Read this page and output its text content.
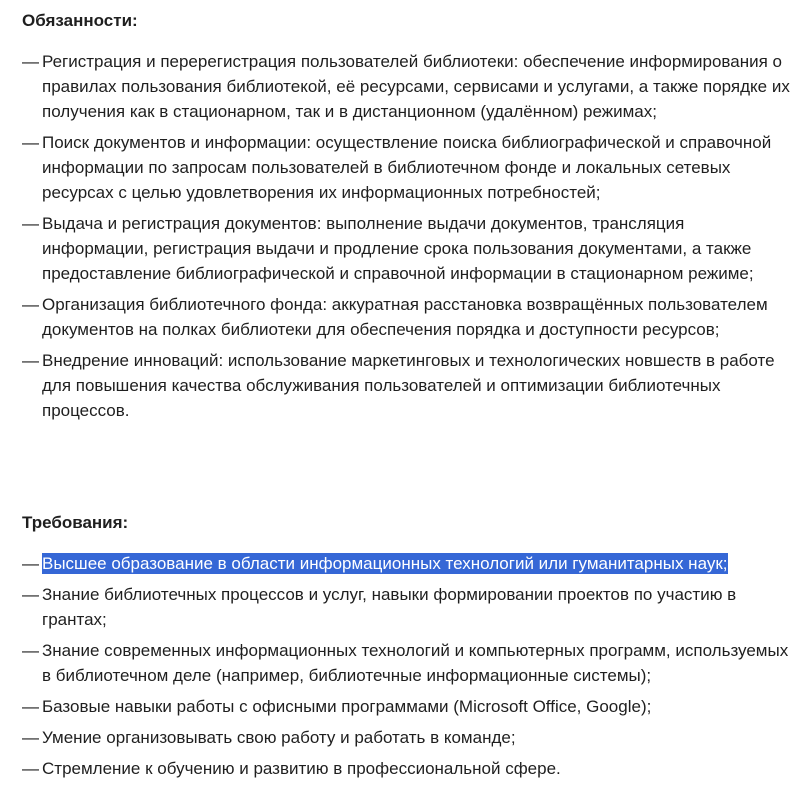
Обязанности:
— Регистрация и перерегистрация пользователей библиотеки: обеспечение информирования о правилах пользования библиотекой, её ресурсами, сервисами и услугами, а также порядке их получения как в стационарном, так и в дистанционном (удалённом) режимах;
— Поиск документов и информации: осуществление поиска библиографической и справочной информации по запросам пользователей в библиотечном фонде и локальных сетевых ресурсах с целью удовлетворения их информационных потребностей;
— Выдача и регистрация документов: выполнение выдачи документов, трансляция информации, регистрация выдачи и продление срока пользования документами, а также предоставление библиографической и справочной информации в стационарном режиме;
— Организация библиотечного фонда: аккуратная расстановка возвращённых пользователем документов на полках библиотеки для обеспечения порядка и доступности ресурсов;
— Внедрение инноваций: использование маркетинговых и технологических новшеств в работе для повышения качества обслуживания пользователей и оптимизации библиотечных процессов.
Требования:
— Высшее образование в области информационных технологий или гуманитарных наук;
— Знание библиотечных процессов и услуг, навыки формировании проектов по участию в грантах;
— Знание современных информационных технологий и компьютерных программ, используемых в библиотечном деле (например, библиотечные информационные системы);
— Базовые навыки работы с офисными программами (Microsoft Office, Google);
— Умение организовывать свою работу и работать в команде;
— Стремление к обучению и развитию в профессиональной сфере.
